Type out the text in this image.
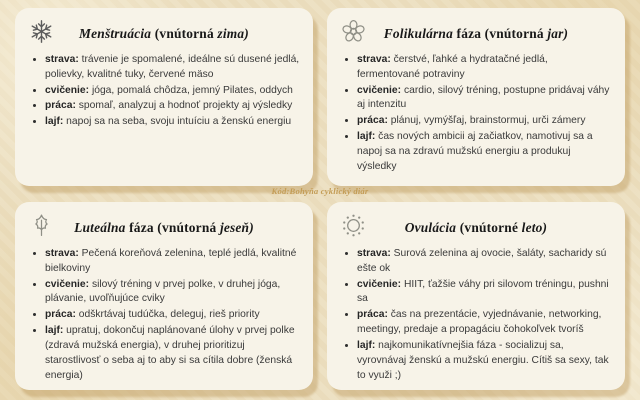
Menštruácia (vnútorná zima)
• strava: trávenie je spomalené, ideálne sú dusené jedlá, polievky, kvalitné tuky, červené mäso
• cvičenie: jóga, pomalá chôdza, jemný Pilates, oddych
• práca: spomaľ, analyzuj a hodnoť projekty aj výsledky
• lajf: napoj sa na seba, svoju intuíciu a ženskú energiu
Folikulárna fáza (vnútorná jar)
• strava: čerstvé, ľahké a hydratačné jedlá, fermentované potraviny
• cvičenie: cardio, silový tréning, postupne pridávaj váhy aj intenzitu
• práca: plánuj, vymýšľaj, brainstormuj, urči zámery
• lajf: čas nových ambicii aj začiatkov, namotivuj sa a napoj sa na zdravú mužskú energiu a produkuj výsledky
Luteálna fáza (vnútorná jeseň)
• strava: Pečená koreňová zelenina, teplé jedlá, kvalitné bielkoviny
• cvičenie: silový tréning v prvej polke, v druhej jóga, plávanie, uvoľňujúce cviky
• práca: odškrtávaj tudúčka, deleguj, rieš priority
• lajf: upratuj, dokončuj naplánované úlohy v prvej polke (zdravá mužská energia), v druhej prioritizuj starostlivosť o seba aj to aby si sa cítila dobre (ženská energia)
Ovulácia (vnútorné leto)
• strava: Surová zelenina aj ovocie, šaláty, sacharidy sú ešte ok
• cvičenie: HIIT, ťažšie váhy pri silovom tréningu, pushni sa
• práca: čas na prezentácie, vyjednávanie, networking, meetingy, predaje a propagáciu čohokoľvek tvoríš
• lajf: najkomunikatívnejšia fáza - socializuj sa, vyrovnávaj ženskú a mužskú energiu. Cítiš sa sexy, tak to využi ;)
Kód:Bohyňa cyklický diár
